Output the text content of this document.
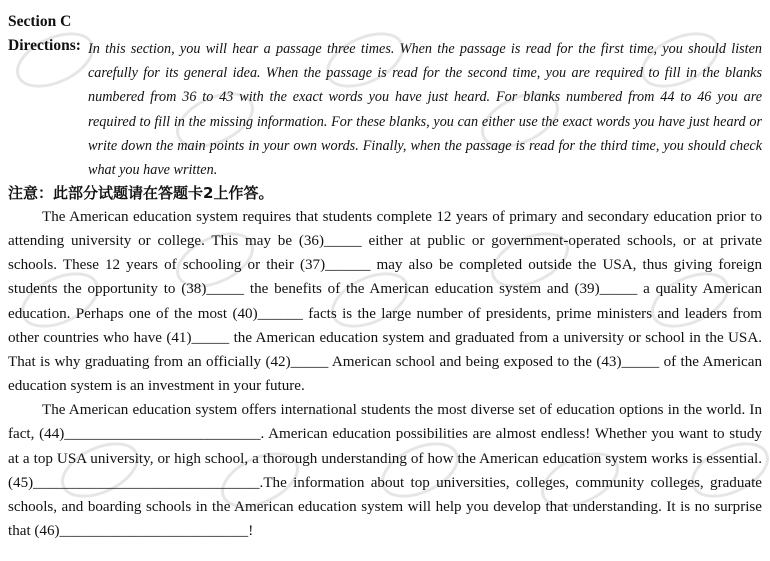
Section C
Directions: In this section, you will hear a passage three times. When the passage is read for the first time, you should listen carefully for its general idea. When the passage is read for the second time, you are required to fill in the blanks numbered from 36 to 43 with the exact words you have just heard. For blanks numbered from 44 to 46 you are required to fill in the missing information. For these blanks, you can either use the exact words you have just heard or write down the main points in your own words. Finally, when the passage is read for the third time, you should check what you have written.
注意：此部分试题请在答题卡2上作答。

The American education system requires that students complete 12 years of primary and secondary education prior to attending university or college. This may be (36)_____ either at public or government-operated schools, or at private schools. These 12 years of schooling or their (37)______ may also be completed outside the USA, thus giving foreign students the opportunity to (38)_____ the benefits of the American education system and (39)_____ a quality American education. Perhaps one of the most (40)______ facts is the large number of presidents, prime ministers and leaders from other countries who have (41)_____ the American education system and graduated from a university or school in the USA. That is why graduating from an officially (42)_____ American school and being exposed to the (43)_____ of the American education system is an investment in your future.

The American education system offers international students the most diverse set of education options in the world. In fact, (44)__________________________. American education possibilities are almost endless! Whether you want to study at a top USA university, or high school, a thorough understanding of how the American education system works is essential. (45)______________________________.The information about top universities, colleges, community colleges, graduate schools, and boarding schools in the American education system will help you develop that understanding. It is no surprise that (46)_________________________!
